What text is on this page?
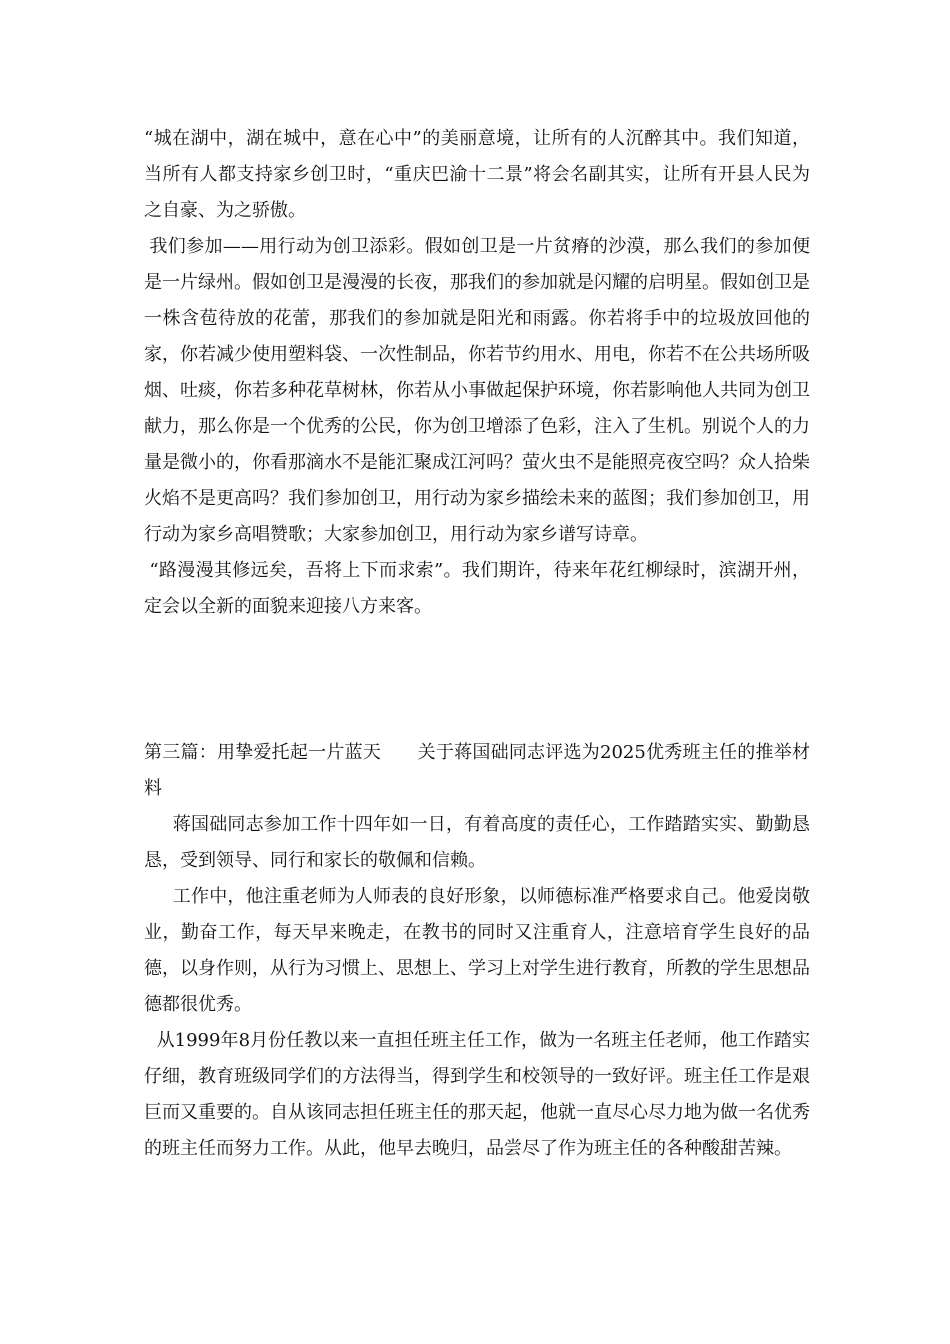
“城在湖中，湖在城中，意在心中”的美丽意境，让所有的人沉醉其中。我们知道，当所有人都支持家乡创卫时，“重庆巴渝十二景”将会名副其实，让所有开县人民为之自豪、为之骄傲。

我们参加——用行动为创卫添彩。假如创卫是一片贫瘠的沙漠，那么我们的参加便是一片绿州。假如创卫是漫漫的长夜，那我们的参加就是闪耀的启明星。假如创卫是一株含苞待放的花蕾，那我们的参加就是阳光和雨露。你若将手中的垃圾放回他的家，你若减少使用塑料袋、一次性制品，你若节约用水、用电，你若不在公共场所吸烟、吐痰，你若多种花草树林，你若从小事做起保护环境，你若影响他人共同为创卫献力，那么你是一个优秀的公民，你为创卫增添了色彩，注入了生机。别说个人的力量是微小的，你看那滴水不是能汇聚成江河吗？萤火虫不是能照亮夜空吗？众人拾柴火焰不是更高吗？我们参加创卫，用行动为家乡描绘未来的蓝图；我们参加创卫，用行动为家乡高唱赞歌；大家参加创卫，用行动为家乡谱写诗章。

“路漫漫其修远矣，吾将上下而求索”。我们期许，待来年花红柳绿时，滨湖开州，定会以全新的面貌来迎接八方来客。

第三篇：用挚爱托起一片蓝天　　关于蒋国础同志评选为2025优秀班主任的推举材料

蒋国础同志参加工作十四年如一日，有着高度的责任心，工作踏踏实实、勤勤恳恳，受到领导、同行和家长的敬佩和信赖。

工作中，他注重老师为人师表的良好形象，以师德标准严格要求自己。他爱岗敬业，勤奋工作，每天早来晚走，在教书的同时又注重育人，注意培育学生良好的品德，以身作则，从行为习惯上、思想上、学习上对学生进行教育，所教的学生思想品德都很优秀。

从1999年8月份任教以来一直担任班主任工作，做为一名班主任老师，他工作踏实仔细，教育班级同学们的方法得当，得到学生和校领导的一致好评。班主任工作是艰巨而又重要的。自从该同志担任班主任的那天起，他就一直尽心尽力地为做一名优秀的班主任而努力工作。从此，他早去晚归，品尝尽了作为班主任的各种酸甜苦辣。
